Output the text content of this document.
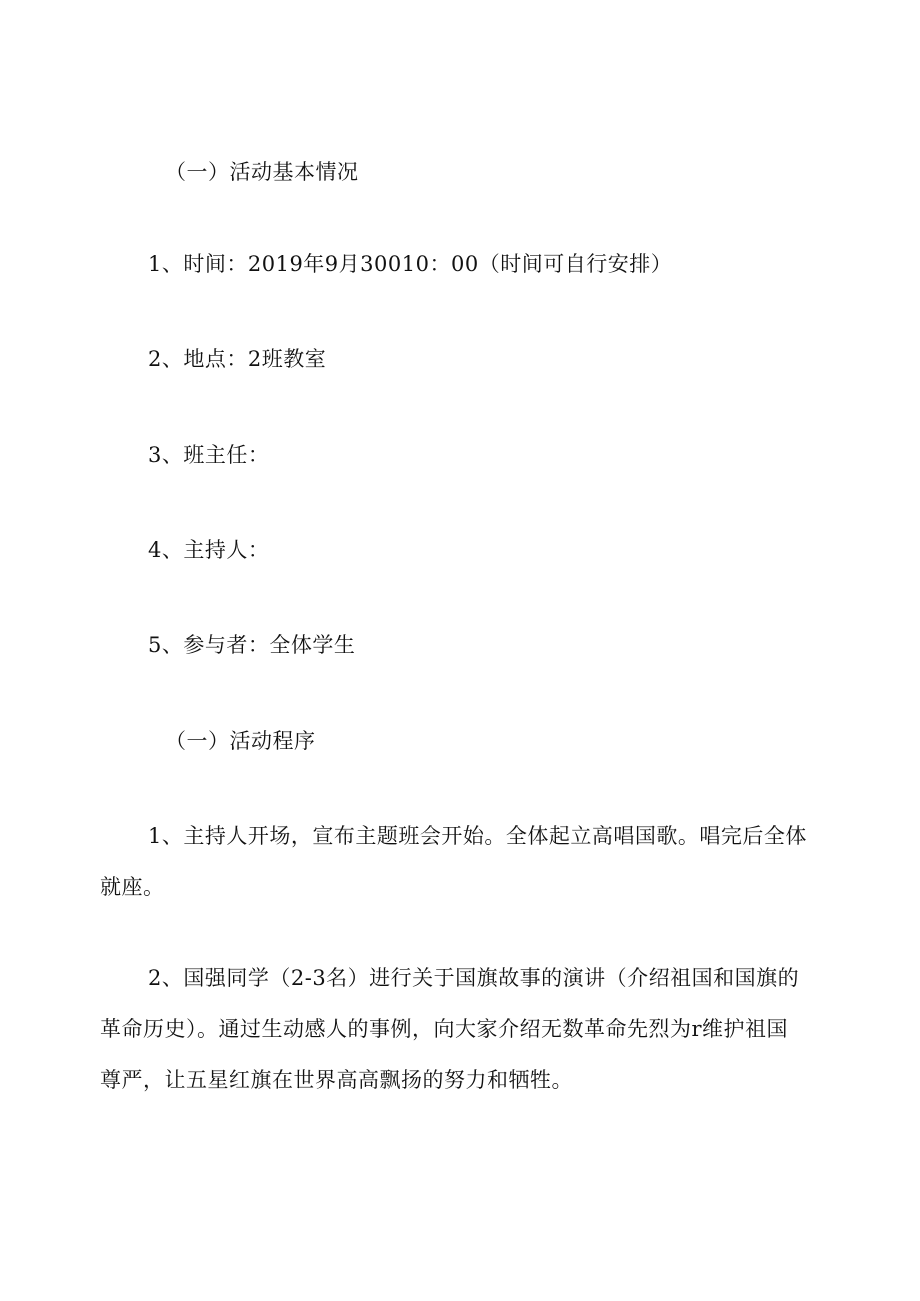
（一）活动基本情况
1、时间：2019年9月30010：00（时间可自行安排）
2、地点：2班教室
3、班主任：
4、主持人：
5、参与者：全体学生
（一）活动程序
1、主持人开场，宣布主题班会开始。全体起立高唱国歌。唱完后全体
就座。
2、国强同学（2-3名）进行关于国旗故事的演讲（介绍祖国和国旗的
革命历史）。通过生动感人的事例，向大家介绍无数革命先烈为r维护祖国
尊严，让五星红旗在世界高高飘扬的努力和牺牲。
